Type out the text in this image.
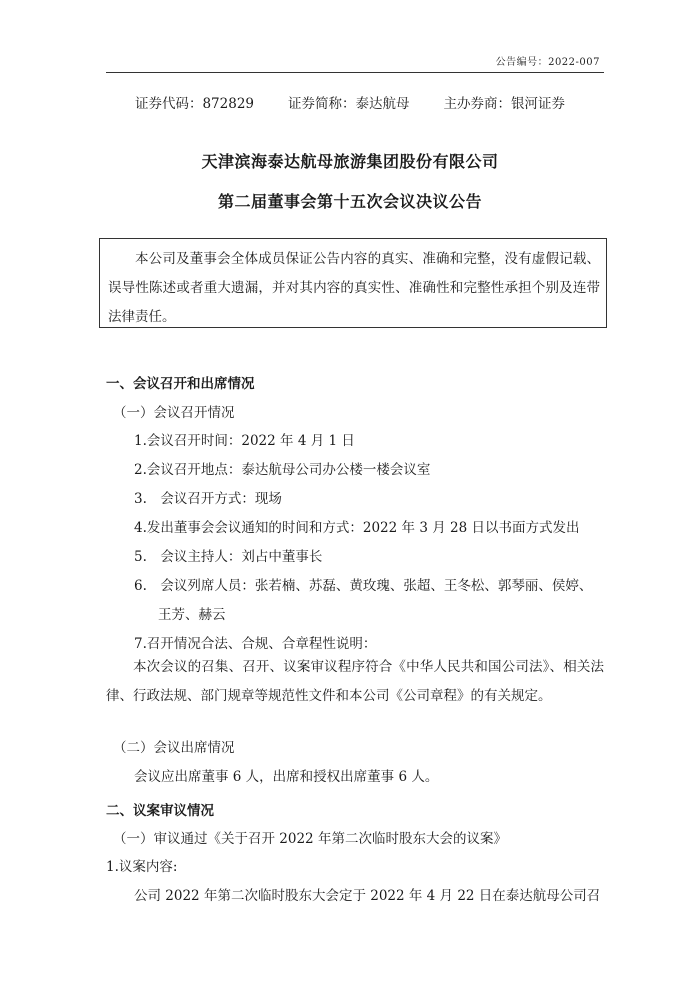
公告编号：2022-007
证券代码：872829	证券简称：泰达航母	主办券商：银河证券
天津滨海泰达航母旅游集团股份有限公司
第二届董事会第十五次会议决议公告
本公司及董事会全体成员保证公告内容的真实、准确和完整，没有虚假记载、误导性陈述或者重大遗漏，并对其内容的真实性、准确性和完整性承担个别及连带法律责任。
一、会议召开和出席情况
（一）会议召开情况
1.会议召开时间：2022 年 4 月 1 日
2.会议召开地点：泰达航母公司办公楼一楼会议室
3.　会议召开方式：现场
4.发出董事会会议通知的时间和方式：2022 年 3 月 28 日以书面方式发出
5.　会议主持人：刘占中董事长
6.　会议列席人员：张若楠、苏磊、黄玫瑰、张超、王冬松、郭琴丽、侯婷、
王芳、赫云
7.召开情况合法、合规、合章程性说明：
本次会议的召集、召开、议案审议程序符合《中华人民共和国公司法》、相关法律、行政法规、部门规章等规范性文件和本公司《公司章程》的有关规定。
（二）会议出席情况
会议应出席董事 6 人，出席和授权出席董事 6 人。
二、议案审议情况
（一）审议通过《关于召开 2022 年第二次临时股东大会的议案》
1.议案内容:
公司 2022 年第二次临时股东大会定于 2022 年 4 月 22 日在泰达航母公司召
